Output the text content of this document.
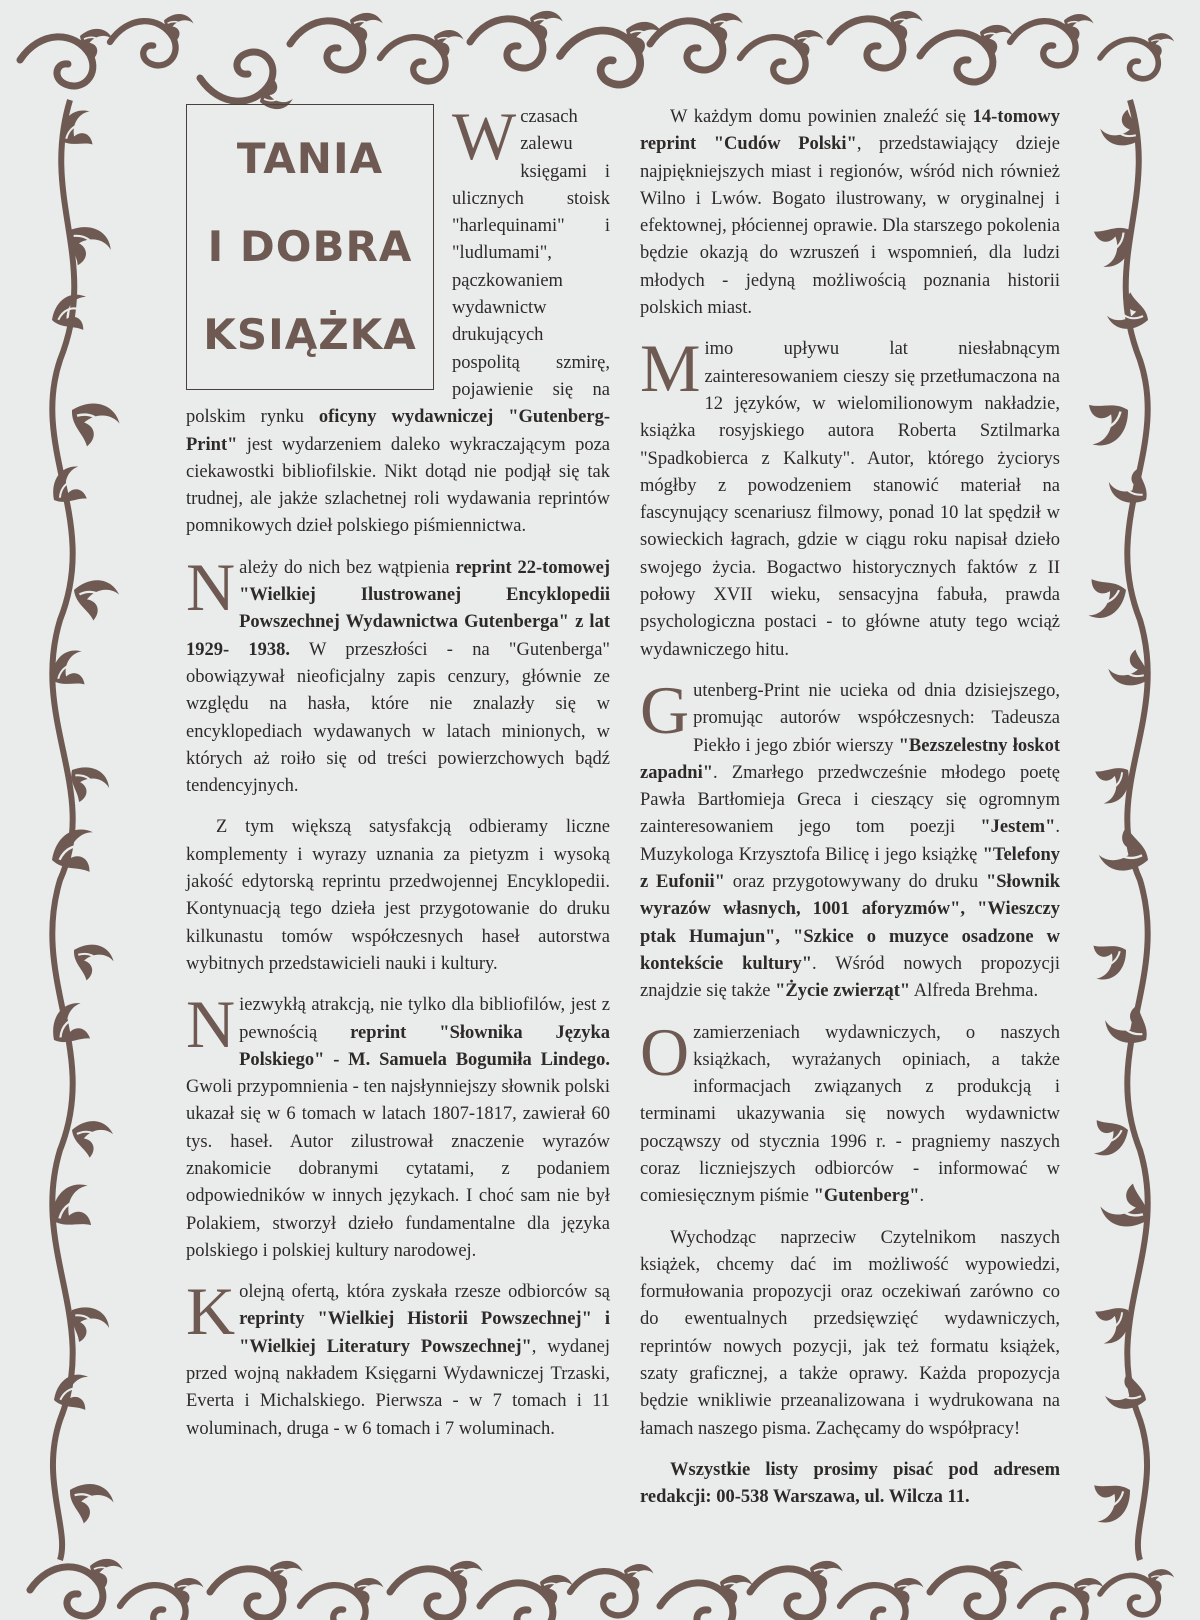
TANIA
I DOBRA
KSIĄŻKA

Wczasach zalewu księgami i ulicznych stoisk "harlequinami" i "ludlumami", pączkowaniem wydawnictw drukujących pospolitą szmirę, pojawienie się na polskim rynku oficyny wydawniczej "Gutenberg-Print" jest wydarzeniem daleko wykraczającym poza ciekawostki bibliofilskie. Nikt dotąd nie podjął się tak trudnej, ale jakże szlachetnej roli wydawania reprintów pomnikowych dzieł polskiego piśmiennictwa.

Należy do nich bez wątpienia reprint 22-tomowej "Wielkiej Ilustrowanej Encyklopedii Powszechnej Wydawnictwa Gutenberga" z lat 1929- 1938. W przeszłości - na "Gutenberga" obowiązywał nieoficjalny zapis cenzury, głównie ze względu na hasła, które nie znalazły się w encyklopediach wydawanych w latach minionych, w których aż roiło się od treści powierzchowych bądź tendencyjnych.

Z tym większą satysfakcją odbieramy liczne komplementy i wyrazy uznania za pietyzm i wysoką jakość edytorską reprintu przedwojennej Encyklopedii. Kontynuacją tego dzieła jest przygotowanie do druku kilkunastu tomów współczesnych haseł autorstwa wybitnych przedstawicieli nauki i kultury.

Niezwykłą atrakcją, nie tylko dla bibliofilów, jest z pewnością reprint "Słownika Języka Polskiego" - M. Samuela Bogumiła Lindego. Gwoli przypomnienia - ten najsłynniejszy słownik polski ukazał się w 6 tomach w latach 1807-1817, zawierał 60 tys. haseł. Autor zilustrował znaczenie wyrazów znakomicie dobranymi cytatami, z podaniem odpowiedników w innych językach. I choć sam nie był Polakiem, stworzył dzieło fundamentalne dla języka polskiego i polskiej kultury narodowej.

Kolejną ofertą, która zyskała rzesze odbiorców są reprinty "Wielkiej Historii Powszechnej" i "Wielkiej Literatury Powszechnej", wydanej przed wojną nakładem Księgarni Wydawniczej Trzaski, Everta i Michalskiego. Pierwsza - w 7 tomach i 11 woluminach, druga - w 6 tomach i 7 woluminach.

W każdym domu powinien znaleźć się 14-tomowy reprint "Cudów Polski", przedstawiający dzieje najpiękniejszych miast i regionów, wśród nich również Wilno i Lwów. Bogato ilustrowany, w oryginalnej i efektownej, płóciennej oprawie. Dla starszego pokolenia będzie okazją do wzruszeń i wspomnień, dla ludzi młodych - jedyną możliwością poznania historii polskich miast.

Mimo upływu lat niesłabnącym zainteresowaniem cieszy się przetłumaczona na 12 języków, w wielomilionowym nakładzie, książka rosyjskiego autora Roberta Sztilmarka "Spadkobierca z Kalkuty". Autor, którego życiorys mógłby z powodzeniem stanowić materiał na fascynujący scenariusz filmowy, ponad 10 lat spędził w sowieckich łagrach, gdzie w ciągu roku napisał dzieło swojego życia. Bogactwo historycznych faktów z II połowy XVII wieku, sensacyjna fabuła, prawda psychologiczna postaci - to główne atuty tego wciąż wydawniczego hitu.

Gutenberg-Print nie ucieka od dnia dzisiejszego, promując autorów współczesnych: Tadeusza Piekło i jego zbiór wierszy "Bezszelestny łoskot zapadni". Zmarłego przedwcześnie młodego poetę Pawła Bartłomieja Greca i cieszący się ogromnym zainteresowaniem jego tom poezji "Jestem". Muzykologa Krzysztofa Bilicę i jego książkę "Telefony z Eufonii" oraz przygotowywany do druku "Słownik wyrazów własnych, 1001 aforyzmów", "Wieszczy ptak Humajun", "Szkice o muzyce osadzone w kontekście kultury". Wśród nowych propozycji znajdzie się także "Życie zwierząt" Alfreda Brehma.

Ozamierzeniach wydawniczych, o naszych książkach, wyrażanych opiniach, a także informacjach związanych z produkcją i terminami ukazywania się nowych wydawnictw począwszy od stycznia 1996 r. - pragniemy naszych coraz liczniejszych odbiorców - informować w comiesięcznym piśmie "Gutenberg".

Wychodząc naprzeciw Czytelnikom naszych książek, chcemy dać im możliwość wypowiedzi, formułowania propozycji oraz oczekiwań zarówno co do ewentualnych przedsięwzięć wydawniczych, reprintów nowych pozycji, jak też formatu książek, szaty graficznej, a także oprawy. Każda propozycja będzie wnikliwie przeanalizowana i wydrukowana na łamach naszego pisma. Zachęcamy do współpracy!

Wszystkie listy prosimy pisać pod adresem redakcji: 00-538 Warszawa, ul. Wilcza 11.
